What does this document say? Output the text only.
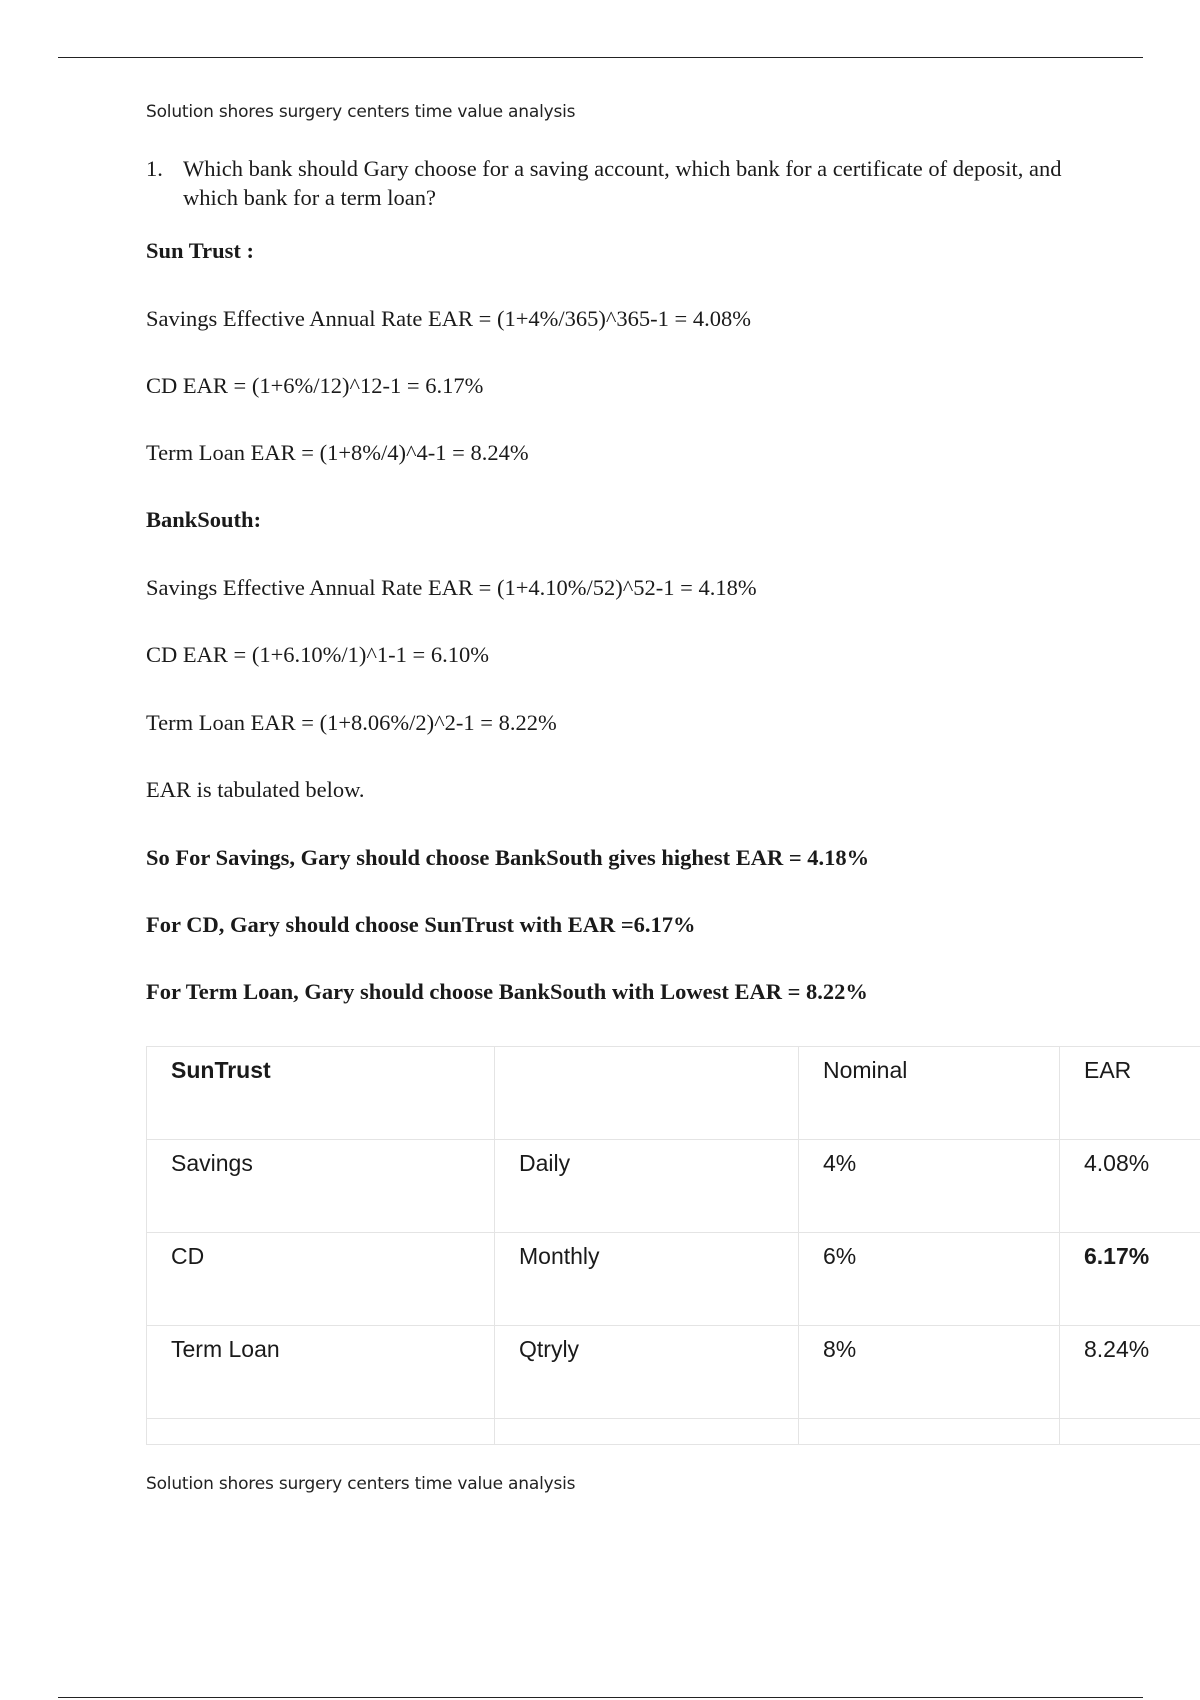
Solution shores surgery centers time value analysis
1. Which bank should Gary choose for a saving account, which bank for a certificate of deposit, and which bank for a term loan?
Sun Trust :
Savings Effective Annual Rate EAR = (1+4%/365)^365-1 = 4.08%
CD EAR = (1+6%/12)^12-1 = 6.17%
Term Loan EAR = (1+8%/4)^4-1 = 8.24%
BankSouth:
Savings Effective Annual Rate EAR = (1+4.10%/52)^52-1 = 4.18%
CD EAR = (1+6.10%/1)^1-1 = 6.10%
Term Loan EAR = (1+8.06%/2)^2-1 = 8.22%
EAR is tabulated below.
So For Savings, Gary should choose BankSouth gives highest EAR = 4.18%
For CD, Gary should choose SunTrust with EAR =6.17%
For Term Loan, Gary should choose BankSouth with Lowest EAR = 8.22%
SunTrust		Nominal	EAR
Savings	Daily	4%	4.08%
CD	Monthly	6%	6.17%
Term Loan	Qtryly	8%	8.24%

Solution shores surgery centers time value analysis
